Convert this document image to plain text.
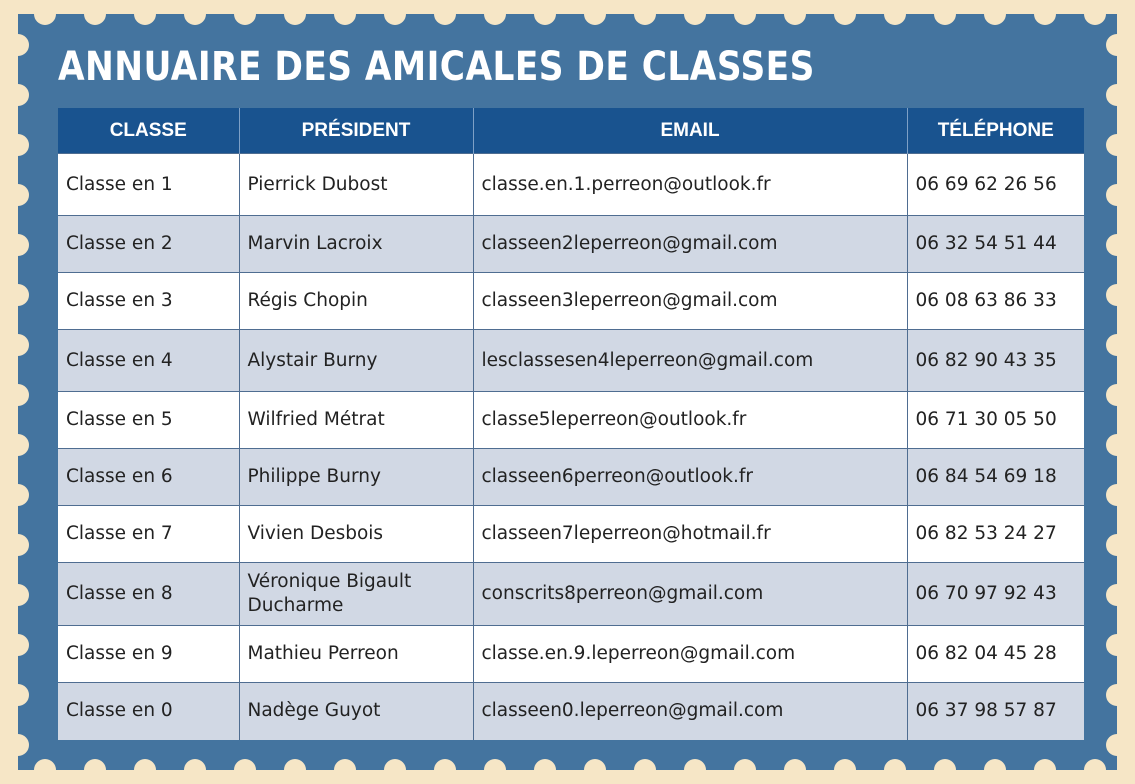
ANNUAIRE DES AMICALES DE CLASSES
CLASSE	PRÉSIDENT	EMAIL	TÉLÉPHONE
Classe en 1	Pierrick Dubost	classe.en.1.perreon@outlook.fr	06 69 62 26 56
Classe en 2	Marvin Lacroix	classeen2leperreon@gmail.com	06 32 54 51 44
Classe en 3	Régis Chopin	classeen3leperreon@gmail.com	06 08 63 86 33
Classe en 4	Alystair Burny	lesclassesen4leperreon@gmail.com	06 82 90 43 35
Classe en 5	Wilfried Métrat	classe5leperreon@outlook.fr	06 71 30 05 50
Classe en 6	Philippe Burny	classeen6perreon@outlook.fr	06 84 54 69 18
Classe en 7	Vivien Desbois	classeen7leperreon@hotmail.fr	06 82 53 24 27
Classe en 8	Véronique Bigault Ducharme	conscrits8perreon@gmail.com	06 70 97 92 43
Classe en 9	Mathieu Perreon	classe.en.9.leperreon@gmail.com	06 82 04 45 28
Classe en 0	Nadège Guyot	classeen0.leperreon@gmail.com	06 37 98 57 87
